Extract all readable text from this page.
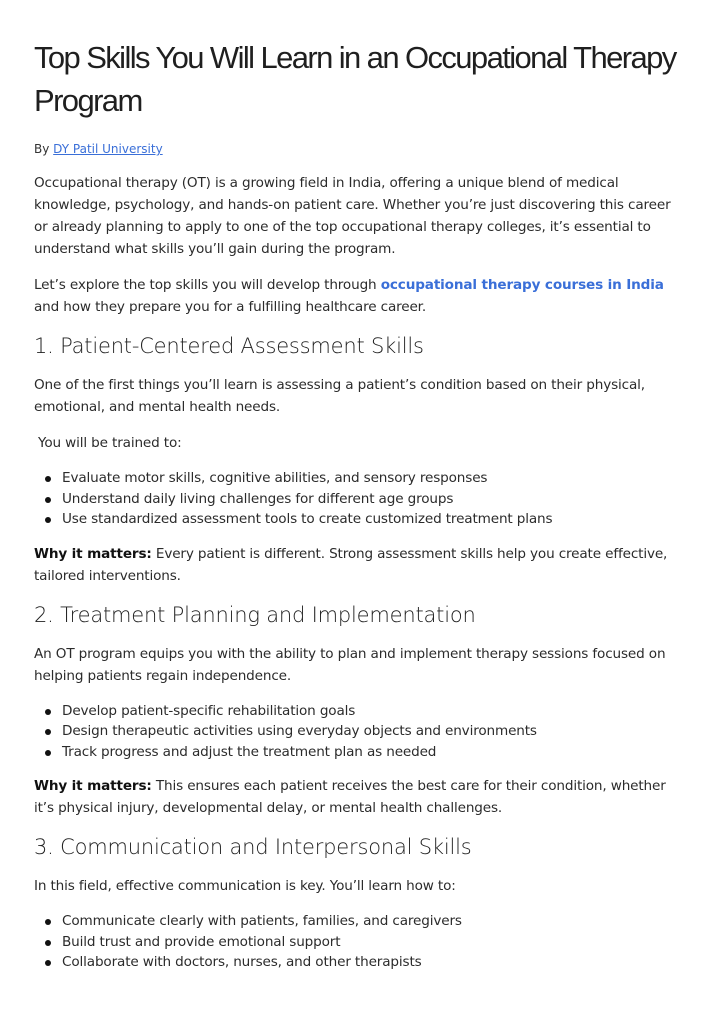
Top Skills You Will Learn in an Occupational Therapy Program
By DY Patil University

Occupational therapy (OT) is a growing field in India, offering a unique blend of medical knowledge, psychology, and hands-on patient care. Whether you’re just discovering this career or already planning to apply to one of the top occupational therapy colleges, it’s essential to understand what skills you’ll gain during the program.

Let’s explore the top skills you will develop through occupational therapy courses in India and how they prepare you for a fulfilling healthcare career.

1. Patient-Centered Assessment Skills

One of the first things you’ll learn is assessing a patient’s condition based on their physical, emotional, and mental health needs.

You will be trained to:

Evaluate motor skills, cognitive abilities, and sensory responses
Understand daily living challenges for different age groups
Use standardized assessment tools to create customized treatment plans

Why it matters: Every patient is different. Strong assessment skills help you create effective, tailored interventions.

2. Treatment Planning and Implementation

An OT program equips you with the ability to plan and implement therapy sessions focused on helping patients regain independence.

Develop patient-specific rehabilitation goals
Design therapeutic activities using everyday objects and environments
Track progress and adjust the treatment plan as needed

Why it matters: This ensures each patient receives the best care for their condition, whether it’s physical injury, developmental delay, or mental health challenges.

3. Communication and Interpersonal Skills

In this field, effective communication is key. You’ll learn how to:

Communicate clearly with patients, families, and caregivers
Build trust and provide emotional support
Collaborate with doctors, nurses, and other therapists
